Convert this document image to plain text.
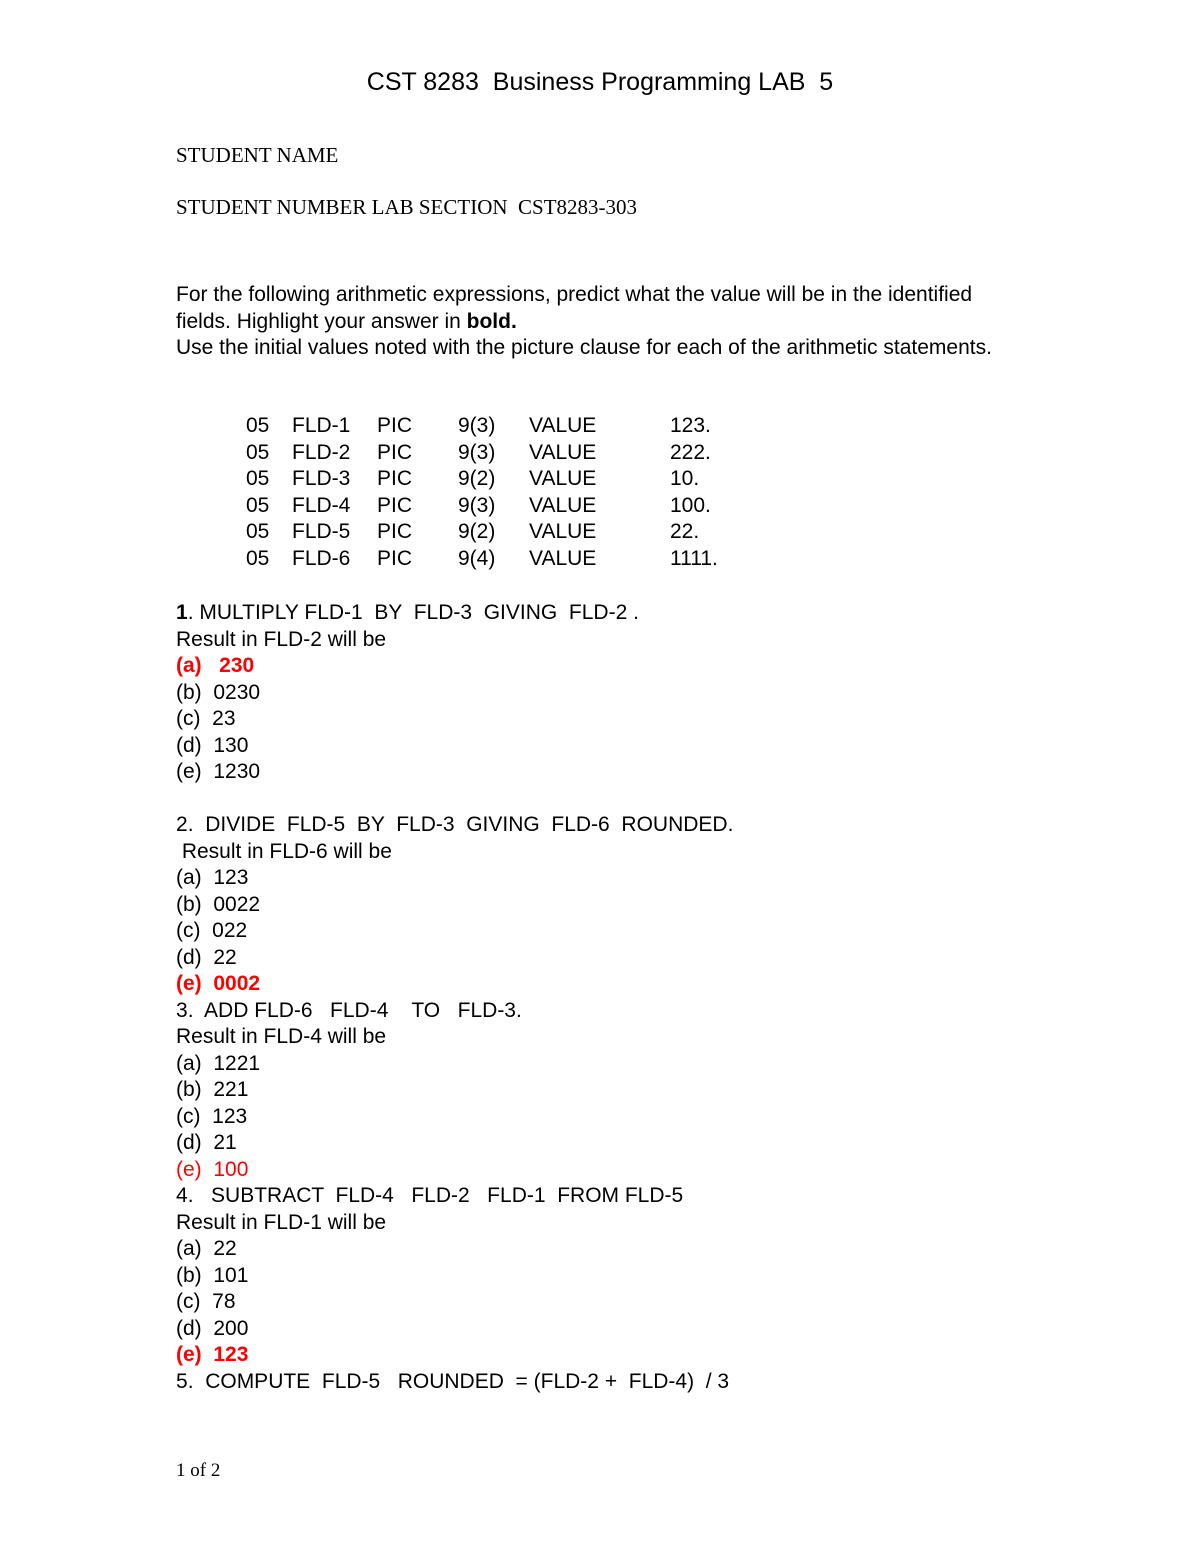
CST 8283  Business Programming LAB  5
STUDENT NAME
STUDENT NUMBER LAB SECTION  CST8283-303
For the following arithmetic expressions, predict what the value will be in the identified fields. Highlight your answer in bold.
Use the initial values noted with the picture clause for each of the arithmetic statements.
05	FLD-1	PIC	9(3)	VALUE	123.
05	FLD-2	PIC	9(3)	VALUE	222.
05	FLD-3	PIC	9(2)	VALUE	10.
05	FLD-4	PIC	9(3)	VALUE	100.
05	FLD-5	PIC	9(2)	VALUE	22.
05	FLD-6	PIC	9(4)	VALUE	1111.
1. MULTIPLY FLD-1  BY  FLD-3  GIVING  FLD-2 .
Result in FLD-2 will be
(a)   230
(b)  0230
(c)  23
(d)  130
(e)  1230
2.  DIVIDE  FLD-5  BY  FLD-3  GIVING  FLD-6  ROUNDED.
Result in FLD-6 will be
(a)  123
(b)  0022
(c)  022
(d)  22
(e)  0002
3.  ADD FLD-6   FLD-4    TO   FLD-3.
Result in FLD-4 will be
(a)  1221
(b)  221
(c)  123
(d)  21
(e)  100
4.   SUBTRACT  FLD-4   FLD-2   FLD-1  FROM FLD-5
Result in FLD-1 will be
(a)  22
(b)  101
(c)  78
(d)  200
(e)  123
5.  COMPUTE  FLD-5   ROUNDED  = (FLD-2 +  FLD-4)  / 3
1 of 2
